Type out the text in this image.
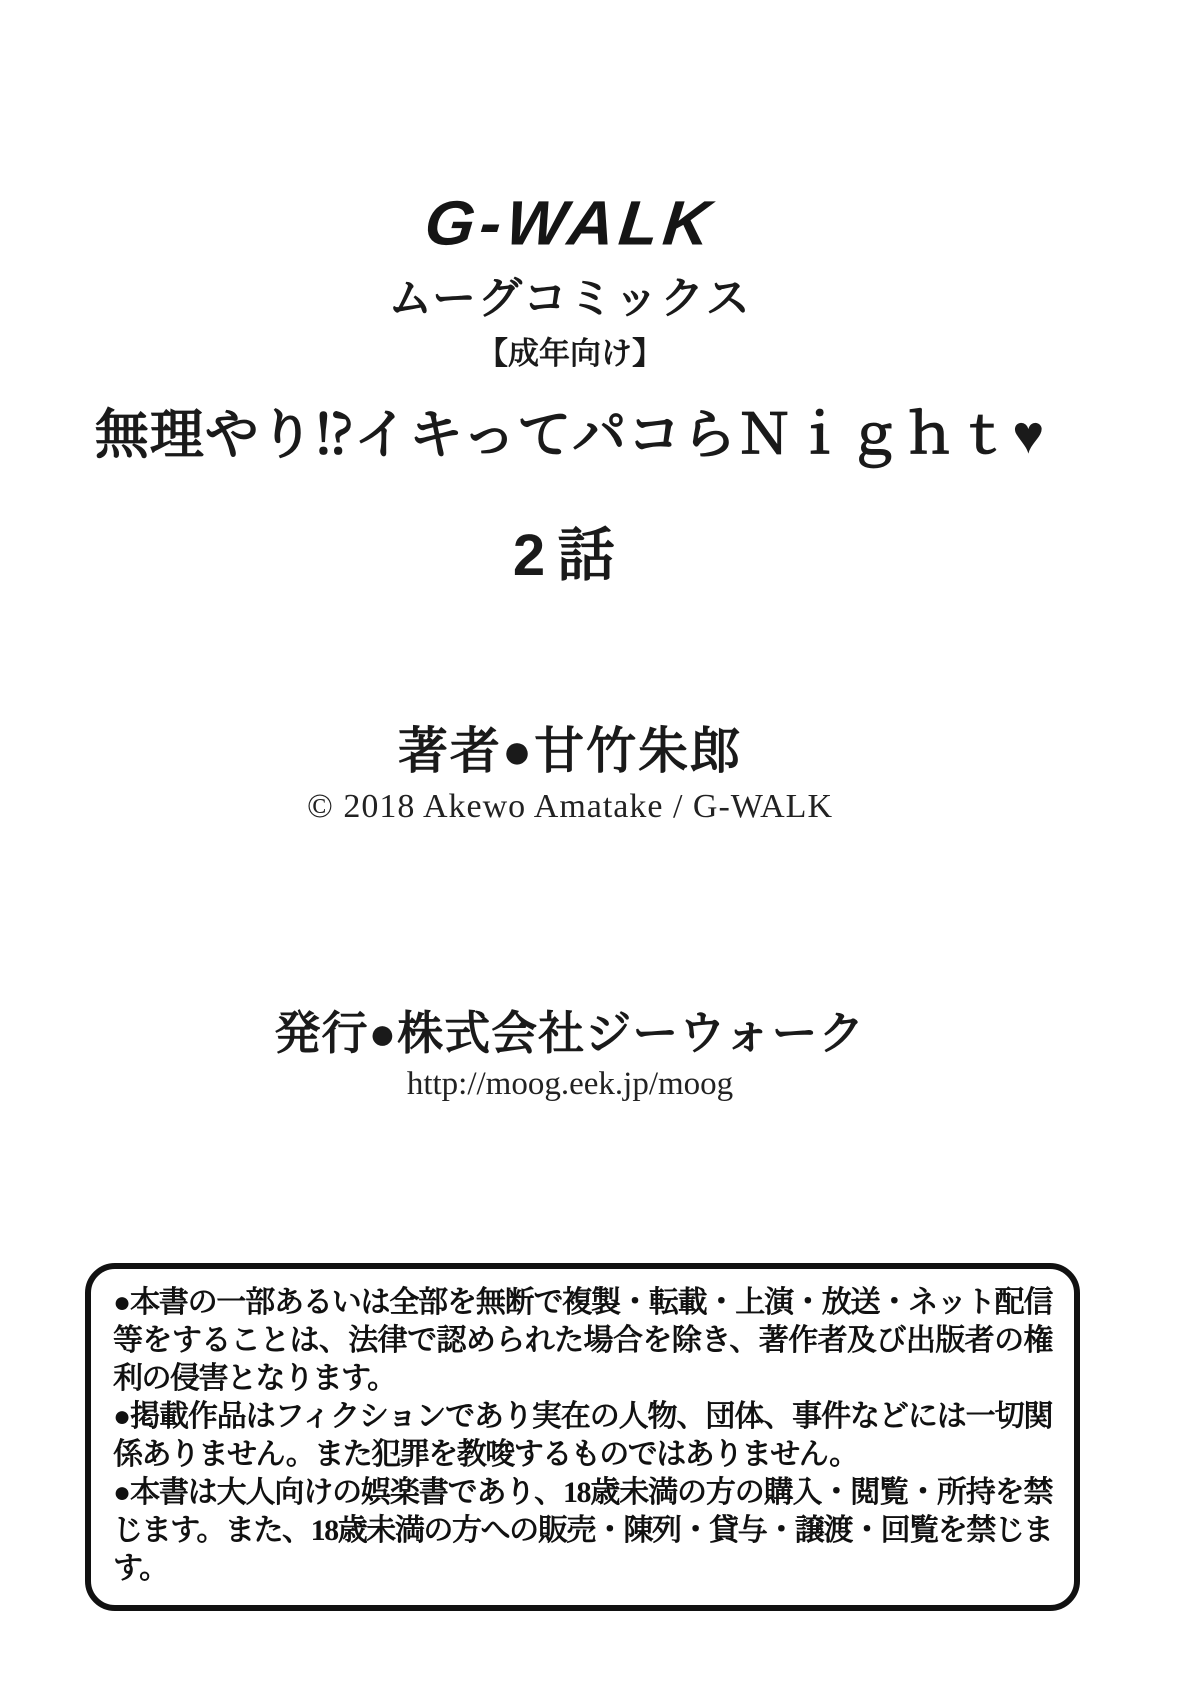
G-WALK
ムーグコミックス
【成年向け】
無理やり⁉イキってパコらＮｉｇｈｔ♥
2話
著者●甘竹朱郎
© 2018 Akewo Amatake / G-WALK
発行●株式会社ジーウォーク
http://moog.eek.jp/moog

●本書の一部あるいは全部を無断で複製・転載・上演・放送・ネット配信等をすることは、法律で認められた場合を除き、著作者及び出版者の権利の侵害となります。

●掲載作品はフィクションであり実在の人物、団体、事件などには一切関係ありません。また犯罪を教唆するものではありません。

●本書は大人向けの娯楽書であり、18歳未満の方の購入・閲覧・所持を禁じます。また、18歳未満の方への販売・陳列・貸与・譲渡・回覧を禁じます。
